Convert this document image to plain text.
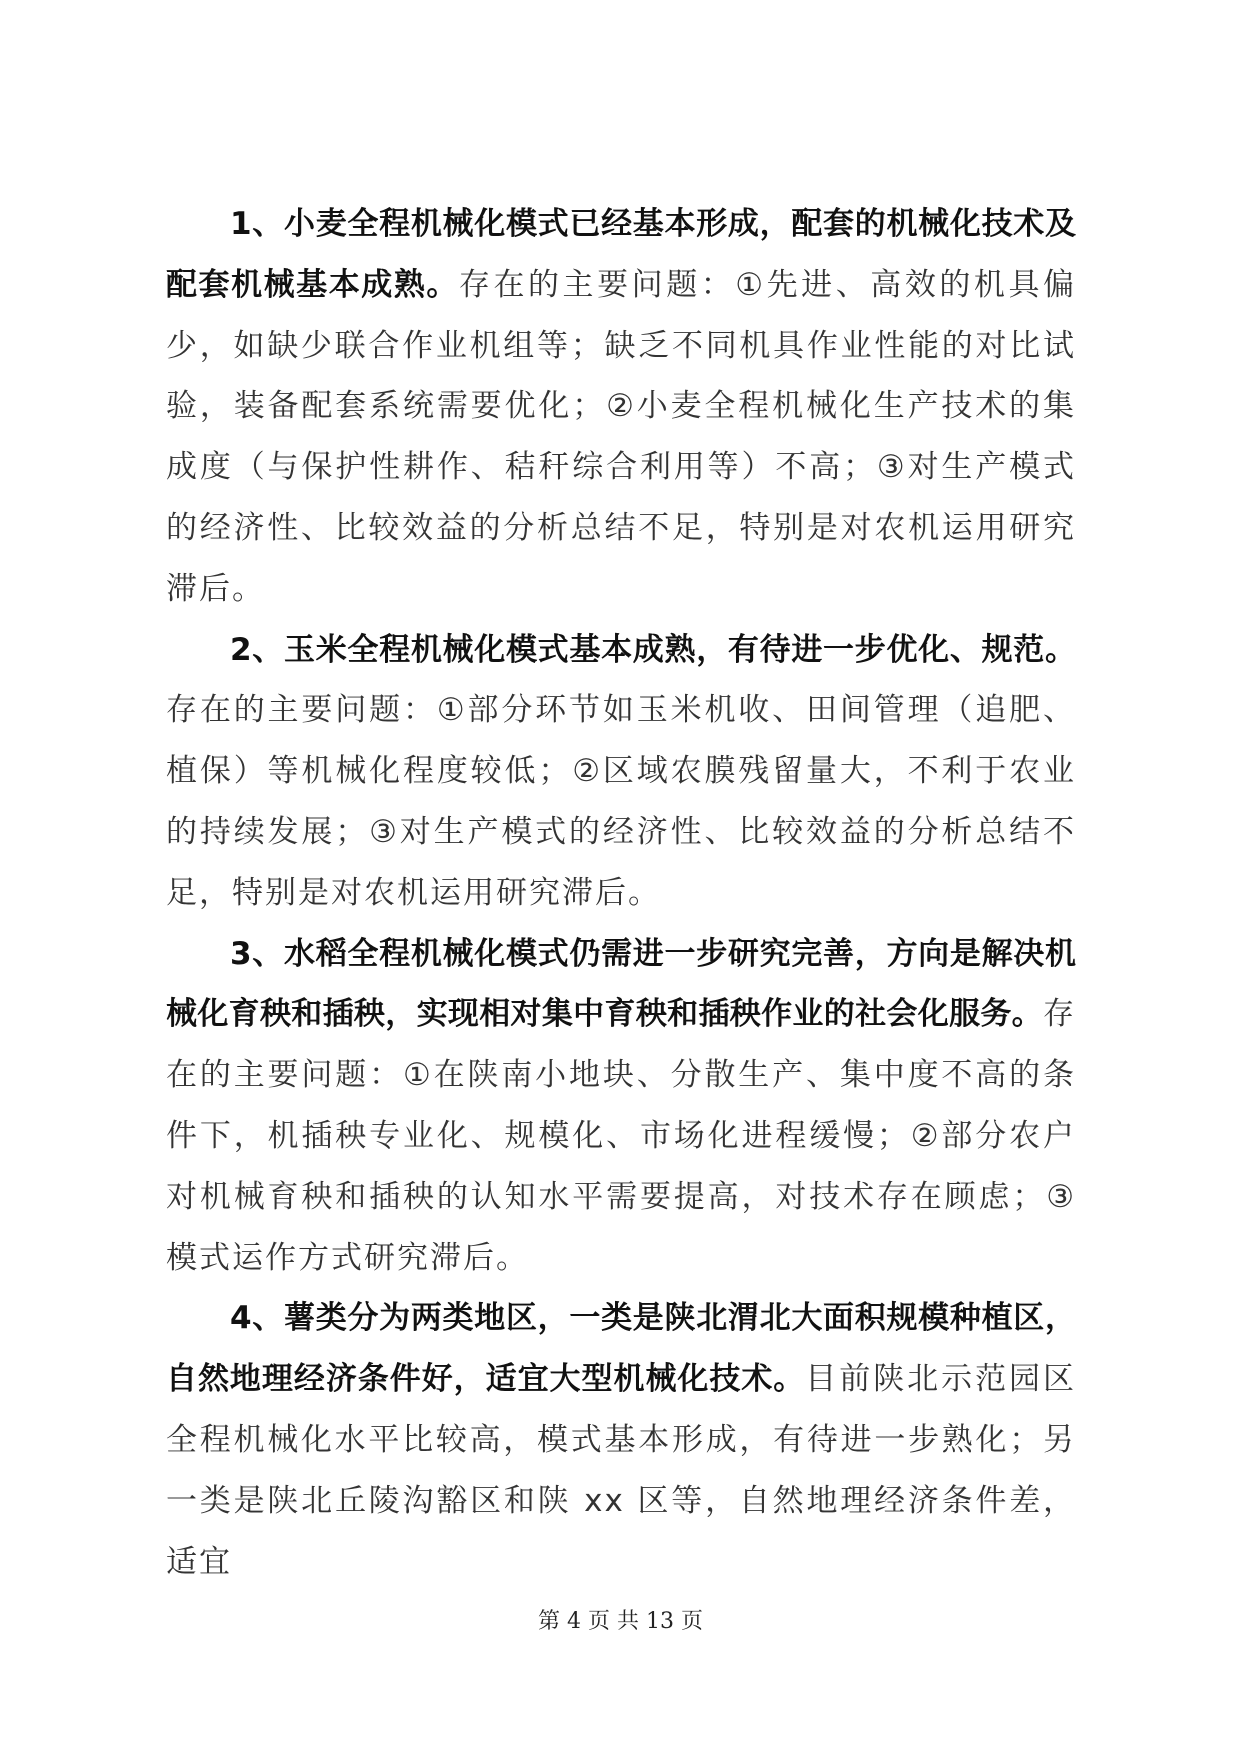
1、小麦全程机械化模式已经基本形成，配套的机械化技术及配套机械基本成熟。存在的主要问题：①先进、高效的机具偏少，如缺少联合作业机组等；缺乏不同机具作业性能的对比试验，装备配套系统需要优化；②小麦全程机械化生产技术的集成度（与保护性耕作、秸秆综合利用等）不高；③对生产模式的经济性、比较效益的分析总结不足，特别是对农机运用研究滞后。

2、玉米全程机械化模式基本成熟，有待进一步优化、规范。存在的主要问题：①部分环节如玉米机收、田间管理（追肥、植保）等机械化程度较低；②区域农膜残留量大，不利于农业的持续发展；③对生产模式的经济性、比较效益的分析总结不足，特别是对农机运用研究滞后。

3、水稻全程机械化模式仍需进一步研究完善，方向是解决机械化育秧和插秧，实现相对集中育秧和插秧作业的社会化服务。存在的主要问题：①在陕南小地块、分散生产、集中度不高的条件下，机插秧专业化、规模化、市场化进程缓慢；②部分农户对机械育秧和插秧的认知水平需要提高，对技术存在顾虑；③模式运作方式研究滞后。

4、薯类分为两类地区，一类是陕北渭北大面积规模种植区，自然地理经济条件好，适宜大型机械化技术。目前陕北示范园区全程机械化水平比较高，模式基本形成，有待进一步熟化；另一类是陕北丘陵沟豁区和陕 xx 区等，自然地理经济条件差，适宜

第 4 页 共 13 页
